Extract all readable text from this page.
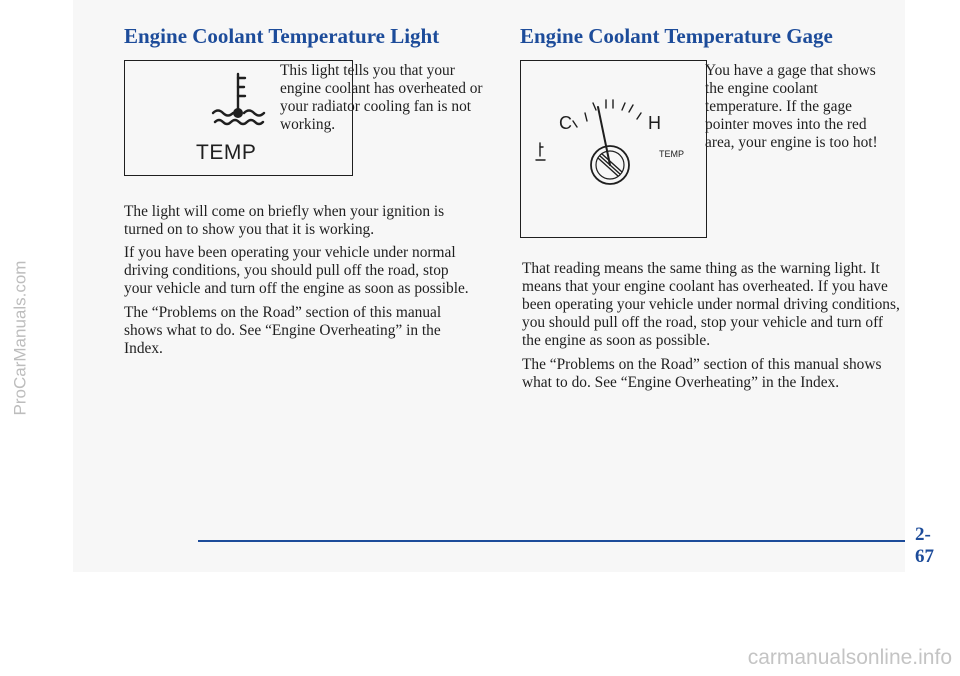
Engine Coolant Temperature Light
TEMP

This light tells you that your engine coolant has overheated or your radiator cooling fan is not working.

The light will come on briefly when your ignition is turned on to show you that it is working.

If you have been operating your vehicle under normal driving conditions, you should pull off the road, stop your vehicle and turn off the engine as soon as possible.

The “Problems on the Road” section of this manual shows what to do. See “Engine Overheating” in the Index.

Engine Coolant Temperature Gage
C	H
TEMP

You have a gage that shows the engine coolant temperature. If the gage pointer moves into the red area, your engine is too hot!

That reading means the same thing as the warning light. It means that your engine coolant has overheated. If you have been operating your vehicle under normal driving conditions, you should pull off the road, stop your vehicle and turn off the engine as soon as possible.

The “Problems on the Road” section of this manual shows what to do. See “Engine Overheating” in the Index.

2-67
ProCarManuals.com
carmanualsonline.info
